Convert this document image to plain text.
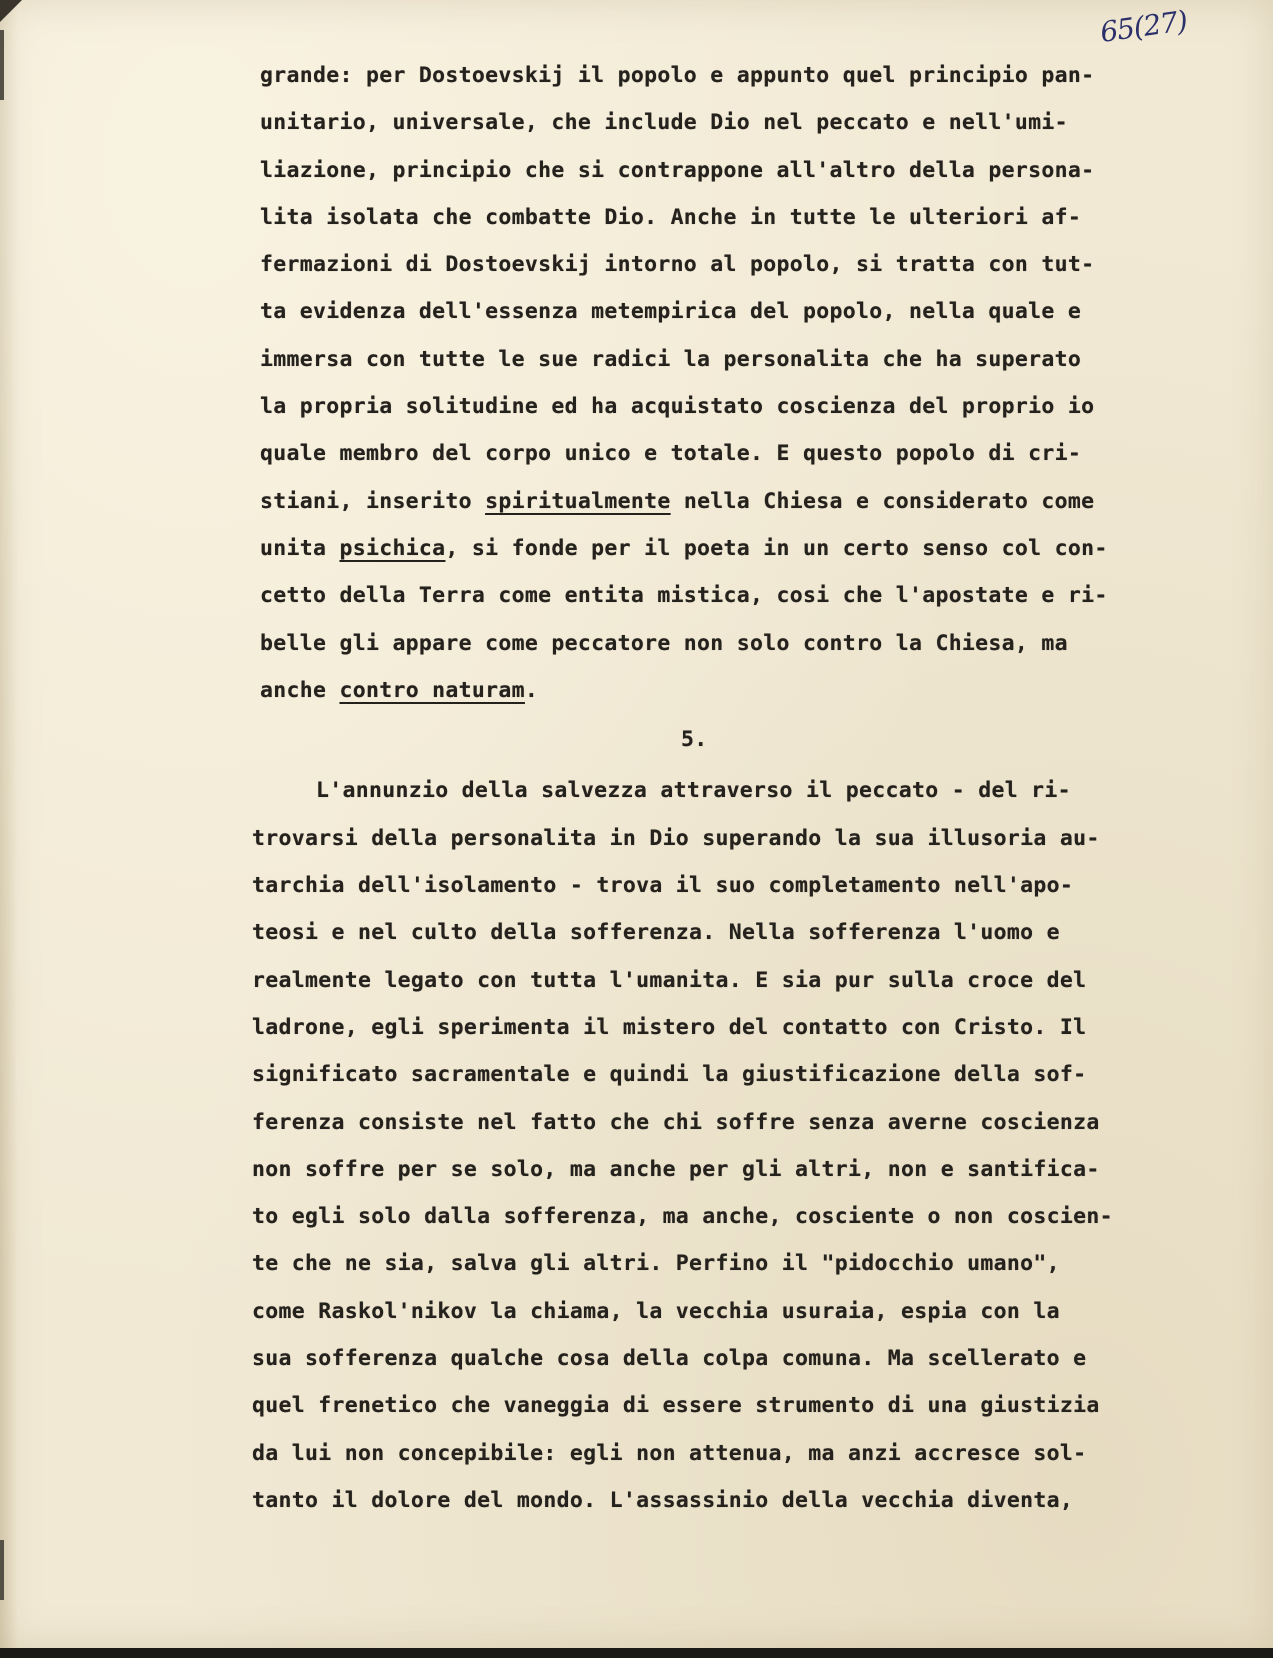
65(27)
grande: per Dostoevskij il popolo e appunto quel principio pan-
unitario, universale, che include Dio nel peccato e nell'umi-
liazione, principio che si contrappone all'altro della persona-
lita isolata che combatte Dio. Anche in tutte le ulteriori af-
fermazioni di Dostoevskij intorno al popolo, si tratta con tut-
ta evidenza dell'essenza metempirica del popolo, nella quale e
immersa con tutte le sue radici la personalita che ha superato
la propria solitudine ed ha acquistato coscienza del proprio io
quale membro del corpo unico e totale. E questo popolo di cri-
stiani, inserito spiritualmente nella Chiesa e considerato come
unita psichica, si fonde per il poeta in un certo senso col con-
cetto della Terra come entita mistica, cosi che l'apostate e ri-
belle gli appare come peccatore non solo contro la Chiesa, ma
anche contro naturam.
5.
L'annunzio della salvezza attraverso il peccato - del ri-
trovarsi della personalita in Dio superando la sua illusoria au-
tarchia dell'isolamento - trova il suo completamento nell'apo-
teosi e nel culto della sofferenza. Nella sofferenza l'uomo e
realmente legato con tutta l'umanita. E sia pur sulla croce del
ladrone, egli sperimenta il mistero del contatto con Cristo. Il
significato sacramentale e quindi la giustificazione della sof-
ferenza consiste nel fatto che chi soffre senza averne coscienza
non soffre per se solo, ma anche per gli altri, non e santifica-
to egli solo dalla sofferenza, ma anche, cosciente o non coscien-
te che ne sia, salva gli altri. Perfino il "pidocchio umano",
come Raskol'nikov la chiama, la vecchia usuraia, espia con la
sua sofferenza qualche cosa della colpa comuna. Ma scellerato e
quel frenetico che vaneggia di essere strumento di una giustizia
da lui non concepibile: egli non attenua, ma anzi accresce sol-
tanto il dolore del mondo. L'assassinio della vecchia diventa,
